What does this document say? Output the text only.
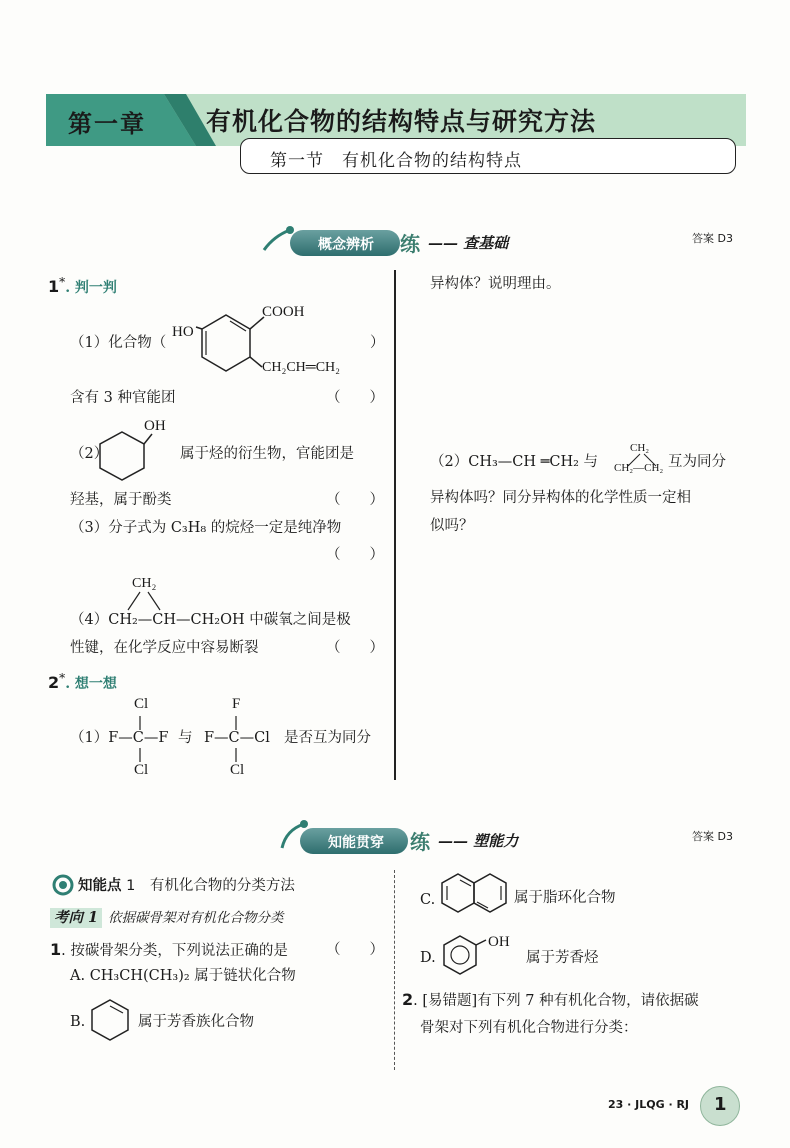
第一章 有机化合物的结构特点与研究方法
第一节　有机化合物的结构特点
概念辨析	练 —— 查基础	答案 D3
1*. 判一判
COOH
HO
CH₂CH═CH₂
（1）化合物（	）
含有 3 种官能团	（　　）
OH
（2）	属于烃的衍生物，官能团是
羟基，属于酚类	（　　）
（3）分子式为 C₃H₈ 的烷烃一定是纯净物
（　　）
CH₂
（4）CH₂—CH—CH₂OH 中碳氧之间是极
性键，在化学反应中容易断裂	（　　）
2*. 想一想
Cl	F
（1）F—C—F 与 F—C—Cl 是否互为同分
Cl	Cl
异构体？说明理由。
CH₂
CH₂—CH₂
（2）CH₃—CH ═CH₂ 与	互为同分
异构体吗？同分异构体的化学性质一定相
似吗？
知能贯穿	练 —— 塑能力	答案 D3
知能点 1　 有机化合物的分类方法
考向 1 依据碳骨架对有机化合物分类
1. 按碳骨架分类，下列说法正确的是	（　　）
A. CH₃CH(CH₃)₂ 属于链状化合物
B.	属于芳香族化合物
C.	属于脂环化合物
D.
OH
属于芳香烃
2. [易错题]有下列 7 种有机化合物，请依据碳
骨架对下列有机化合物进行分类：
23 · JLQG · RJ 1
